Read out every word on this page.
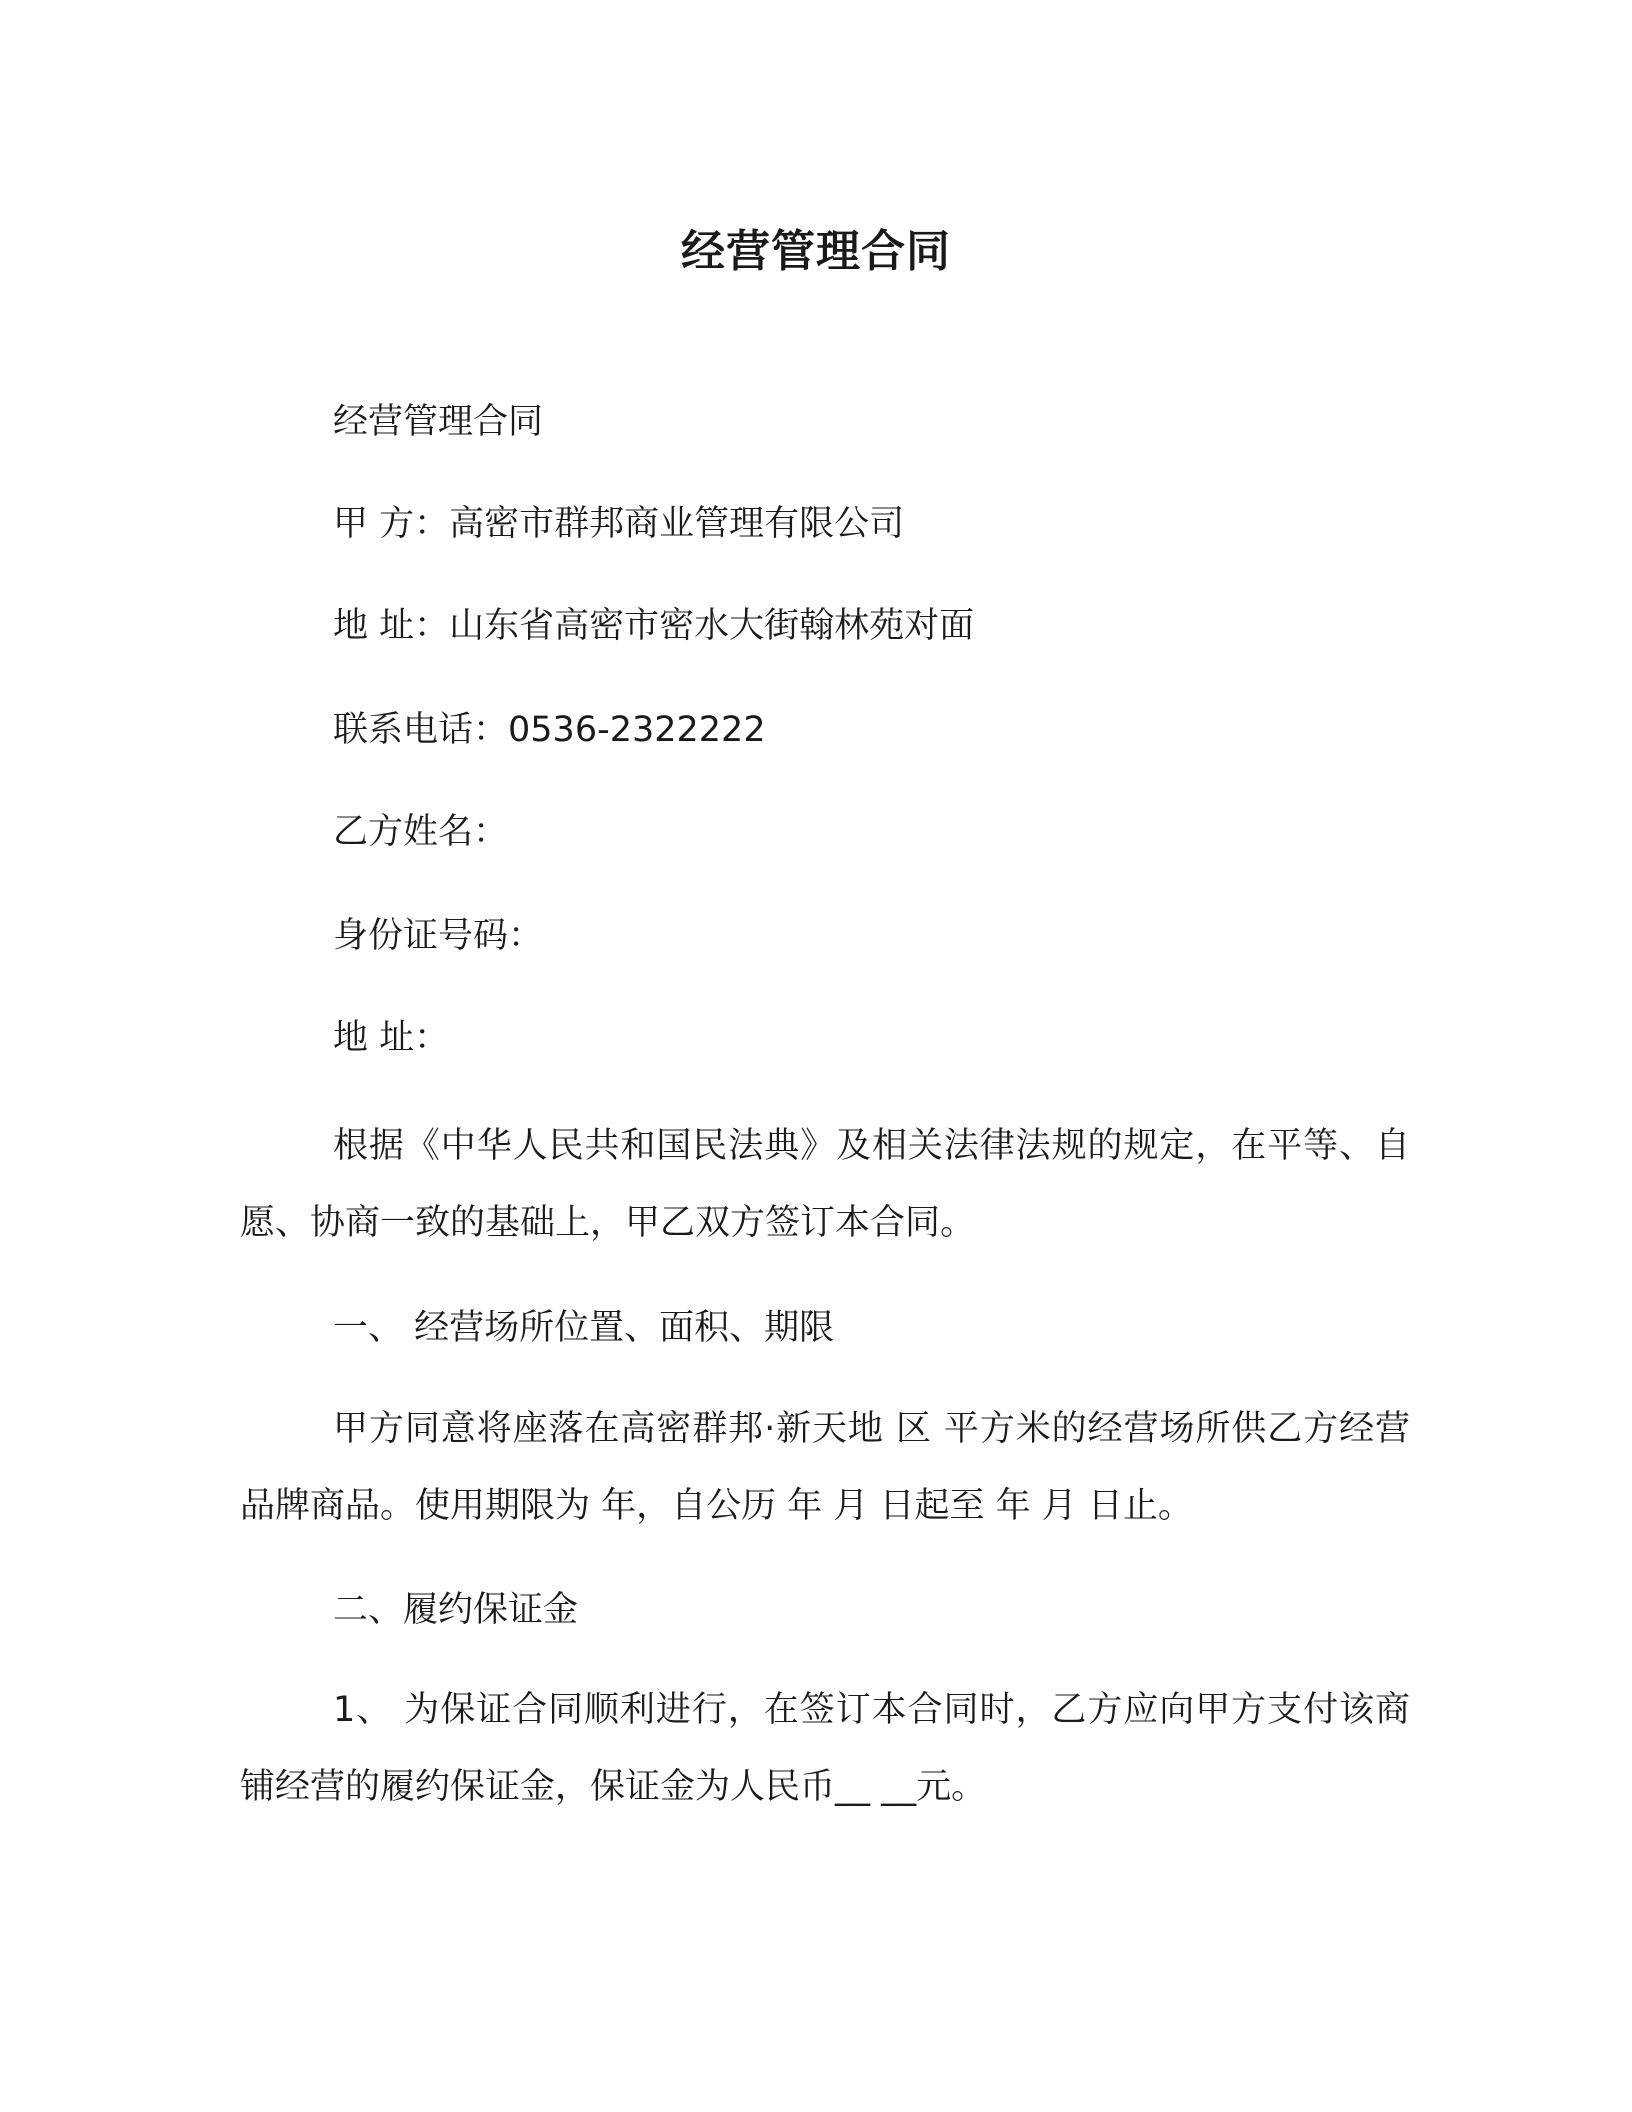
经营管理合同
经营管理合同
甲 方：高密市群邦商业管理有限公司
地 址：山东省高密市密水大街翰林苑对面
联系电话：0536-2322222
乙方姓名：
身份证号码：
地 址：
根据《中华人民共和国民法典》及相关法律法规的规定，在平等、自愿、协商一致的基础上，甲乙双方签订本合同。
一、 经营场所位置、面积、期限
甲方同意将座落在高密群邦·新天地 区 平方米的经营场所供乙方经营 品牌商品。使用期限为 年，自公历 年 月 日起至 年 月 日止。
二、履约保证金
1、 为保证合同顺利进行，在签订本合同时，乙方应向甲方支付该商铺经营的履约保证金，保证金为人民币__ __元。
